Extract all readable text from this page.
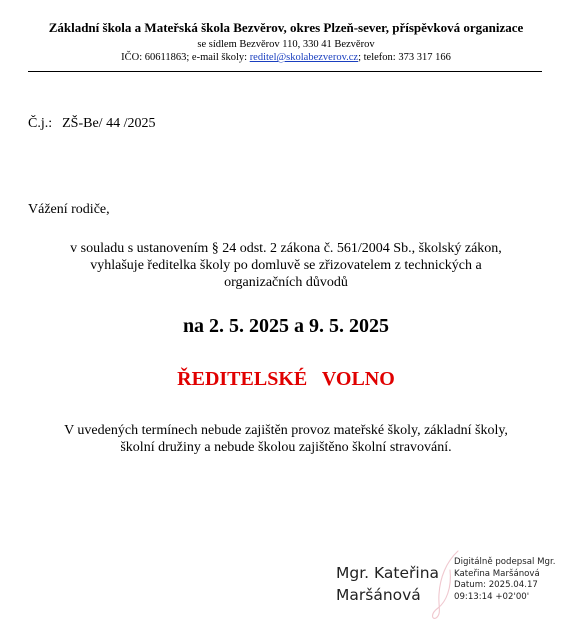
Základní škola a Mateřská škola Bezvěrov, okres Plzeň-sever, příspěvková organizace
se sídlem Bezvěrov 110, 330 41 Bezvěrov
IČO: 60611863; e-mail školy: reditel@skolabezverov.cz; telefon: 373 317 166
Č.j.: ZŠ-Be/ 44 /2025
Vážení rodiče,
v souladu s ustanovením § 24 odst. 2 zákona č. 561/2004 Sb., školský zákon,
vyhlašuje ředitelka školy po domluvě se zřizovatelem z technických a
organizačních důvodů
na 2. 5. 2025 a 9. 5. 2025
ŘEDITELSKÉ   VOLNO
V uvedených termínech nebude zajištěn provoz mateřské školy, základní školy,
školní družiny a nebude školou zajištěno školní stravování.
Mgr. Kateřina
Maršánová
Digitálně podepsal Mgr.
Kateřina Maršánová
Datum: 2025.04.17
09:13:14 +02'00'
